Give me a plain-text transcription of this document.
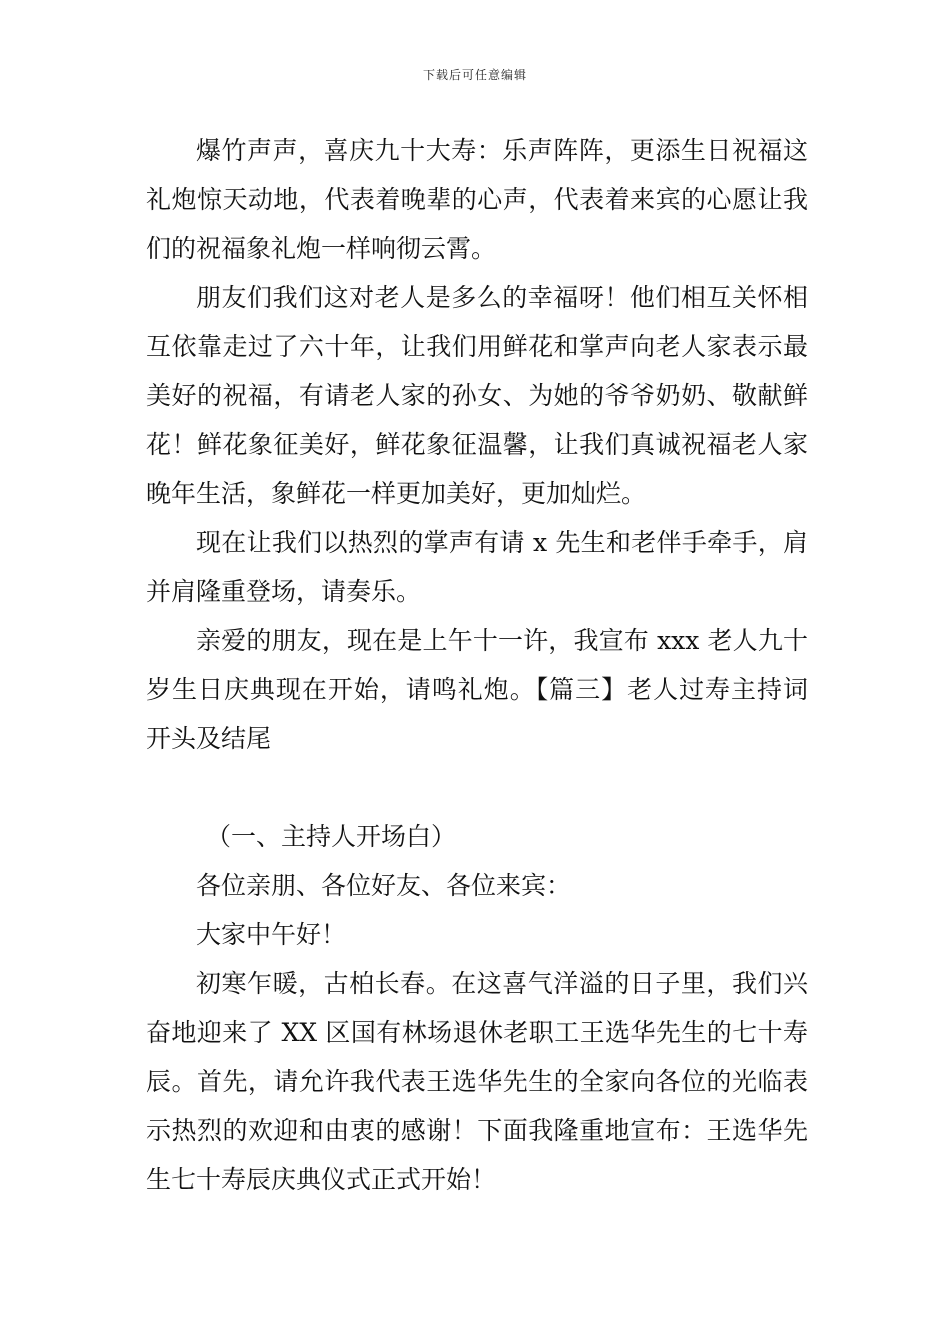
下载后可任意编辑

爆竹声声，喜庆九十大寿：乐声阵阵，更添生日祝福这礼炮惊天动地，代表着晚辈的心声，代表着来宾的心愿让我们的祝福象礼炮一样响彻云霄。

朋友们我们这对老人是多么的幸福呀！他们相互关怀相互依靠走过了六十年，让我们用鲜花和掌声向老人家表示最美好的祝福，有请老人家的孙女、为她的爷爷奶奶、敬献鲜花！鲜花象征美好，鲜花象征温馨，让我们真诚祝福老人家晚年生活，象鲜花一样更加美好，更加灿烂。

现在让我们以热烈的掌声有请 x 先生和老伴手牵手，肩并肩隆重登场，请奏乐。

亲爱的朋友，现在是上午十一许，我宣布 xxx 老人九十岁生日庆典现在开始，请鸣礼炮。【篇三】老人过寿主持词开头及结尾

（一、主持人开场白）

各位亲朋、各位好友、各位来宾：

大家中午好！

初寒乍暖，古柏长春。在这喜气洋溢的日子里，我们兴奋地迎来了 XX 区国有林场退休老职工王选华先生的七十寿辰。首先，请允许我代表王选华先生的全家向各位的光临表示热烈的欢迎和由衷的感谢！下面我隆重地宣布：王选华先生七十寿辰庆典仪式正式开始！
